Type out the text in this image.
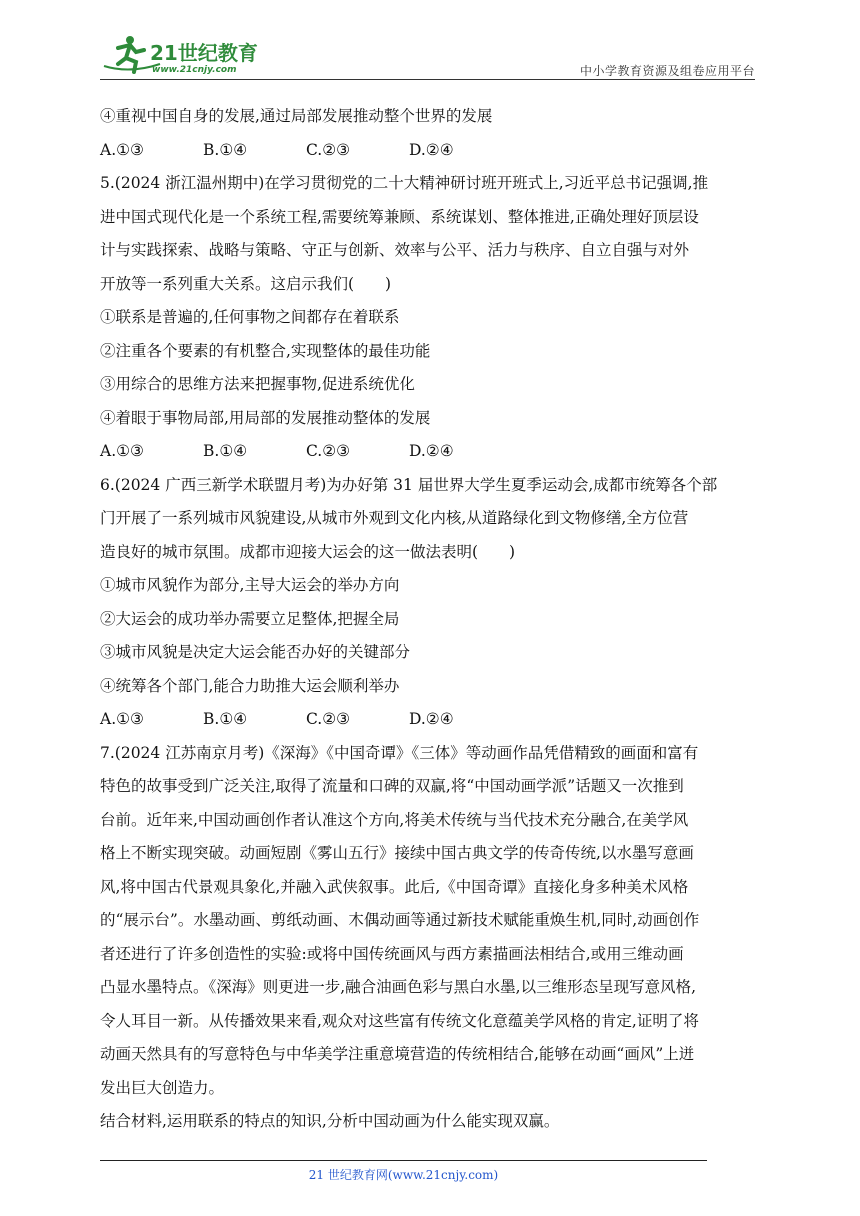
21世纪教育
www.21cnjy.com	中小学教育资源及组卷应用平台
④重视中国自身的发展,通过局部发展推动整个世界的发展
A.①③	B.①④	C.②③	D.②④
5.(2024 浙江温州期中)在学习贯彻党的二十大精神研讨班开班式上,习近平总书记强调,推
进中国式现代化是一个系统工程,需要统筹兼顾、系统谋划、整体推进,正确处理好顶层设
计与实践探索、战略与策略、守正与创新、效率与公平、活力与秩序、自立自强与对外
开放等一系列重大关系。这启示我们(　　)
①联系是普遍的,任何事物之间都存在着联系
②注重各个要素的有机整合,实现整体的最佳功能
③用综合的思维方法来把握事物,促进系统优化
④着眼于事物局部,用局部的发展推动整体的发展
A.①③	B.①④	C.②③	D.②④
6.(2024 广西三新学术联盟月考)为办好第 31 届世界大学生夏季运动会,成都市统筹各个部
门开展了一系列城市风貌建设,从城市外观到文化内核,从道路绿化到文物修缮,全方位营
造良好的城市氛围。成都市迎接大运会的这一做法表明(　　)
①城市风貌作为部分,主导大运会的举办方向
②大运会的成功举办需要立足整体,把握全局
③城市风貌是决定大运会能否办好的关键部分
④统筹各个部门,能合力助推大运会顺利举办
A.①③	B.①④	C.②③	D.②④
7.(2024 江苏南京月考)《深海》《中国奇谭》《三体》等动画作品凭借精致的画面和富有
特色的故事受到广泛关注,取得了流量和口碑的双赢,将“中国动画学派”话题又一次推到
台前。近年来,中国动画创作者认准这个方向,将美术传统与当代技术充分融合,在美学风
格上不断实现突破。动画短剧《雾山五行》接续中国古典文学的传奇传统,以水墨写意画
风,将中国古代景观具象化,并融入武侠叙事。此后,《中国奇谭》直接化身多种美术风格
的“展示台”。水墨动画、剪纸动画、木偶动画等通过新技术赋能重焕生机,同时,动画创作
者还进行了许多创造性的实验:或将中国传统画风与西方素描画法相结合,或用三维动画
凸显水墨特点。《深海》则更进一步,融合油画色彩与黑白水墨,以三维形态呈现写意风格,
令人耳目一新。从传播效果来看,观众对这些富有传统文化意蕴美学风格的肯定,证明了将
动画天然具有的写意特色与中华美学注重意境营造的传统相结合,能够在动画“画风”上迸
发出巨大创造力。
结合材料,运用联系的特点的知识,分析中国动画为什么能实现双赢。
21 世纪教育网(www.21cnjy.com)
